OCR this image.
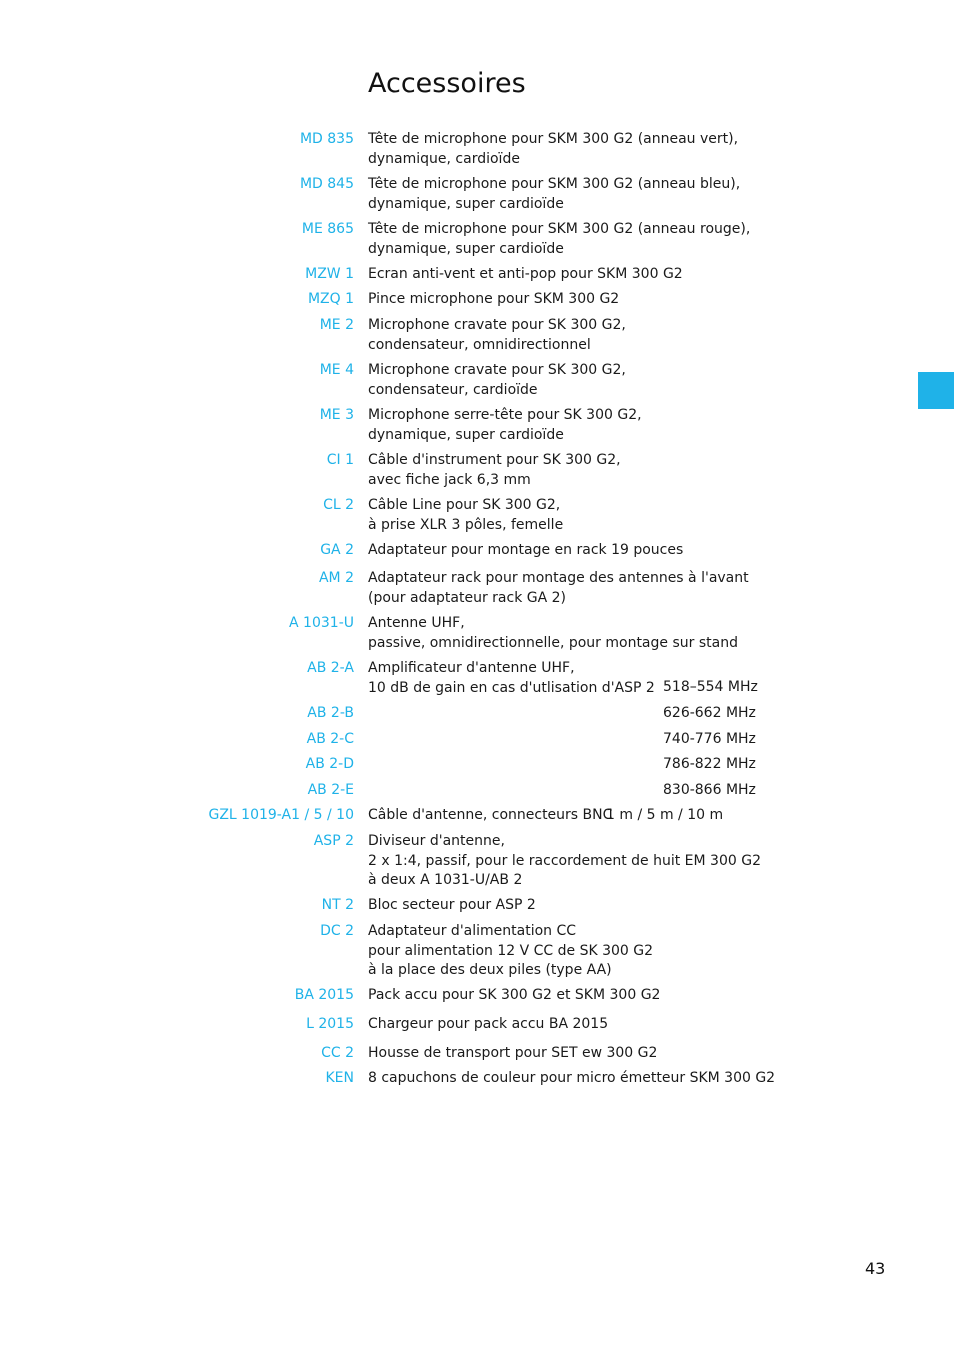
Accessoires
MD 835 Tête de microphone pour SKM 300 G2 (anneau vert),
dynamique, cardioïde
MD 845 Tête de microphone pour SKM 300 G2 (anneau bleu),
dynamique, super cardioïde
ME 865 Tête de microphone pour SKM 300 G2 (anneau rouge),
dynamique, super cardioïde
MZW 1 Ecran anti-vent et anti-pop pour SKM 300 G2
MZQ 1 Pince microphone pour SKM 300 G2
ME 2 Microphone cravate pour SK 300 G2,
condensateur, omnidirectionnel
ME 4 Microphone cravate pour SK 300 G2,
condensateur, cardioïde
ME 3 Microphone serre-tête pour SK 300 G2,
dynamique, super cardioïde
CI 1 Câble d'instrument pour SK 300 G2,
avec fiche jack 6,3 mm
CL 2 Câble Line pour SK 300 G2,
à prise XLR 3 pôles, femelle
GA 2 Adaptateur pour montage en rack 19 pouces
AM 2 Adaptateur rack pour montage des antennes à l'avant
(pour adaptateur rack GA 2)
A 1031-U Antenne UHF,
passive, omnidirectionnelle, pour montage sur stand
AB 2-A Amplificateur d'antenne UHF,
10 dB de gain en cas d'utlisation d'ASP 2 518–554 MHz
AB 2-B	626-662 MHz
AB 2-C	740-776 MHz
AB 2-D	786-822 MHz
AB 2-E	830-866 MHz
GZL 1019-A1 / 5 / 10 Câble d'antenne, connecteurs BNC
1 m / 5 m / 10 m
ASP 2 Diviseur d'antenne,
2 x 1:4, passif, pour le raccordement de huit EM 300 G2
à deux A 1031-U/AB 2
NT 2 Bloc secteur pour ASP 2
DC 2 Adaptateur d'alimentation CC
pour alimentation 12 V CC de SK 300 G2
à la place des deux piles (type AA)
BA 2015 Pack accu pour SK 300 G2 et SKM 300 G2
L 2015 Chargeur pour pack accu BA 2015
CC 2 Housse de transport pour SET ew 300 G2
KEN 8 capuchons de couleur pour micro émetteur SKM 300 G2
43
